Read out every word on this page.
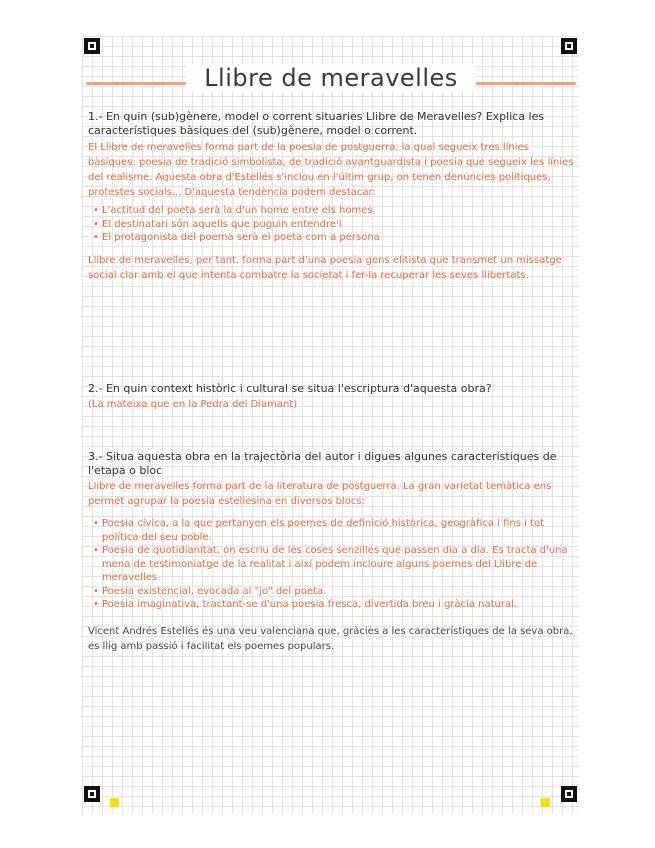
Llibre de meravelles

1.- En quin (sub)gènere, model o corrent situaries Llibre de Meravelles? Explica les característiques bàsiques del (sub)gènere, model o corrent.

El Llibre de meravelles forma part de la poesia de postguerra, la qual segueix tres línies bàsiques: poesia de tradició simbolista, de tradició avantguardista i poesia que segueix les línies del realisme. Aquesta obra d'Estellés s'inclou en l'últim grup, on tenen denúncies polítiques, protestes socials... D'aquesta tendència podem destacar:

• L'actitud del poeta serà la d'un home entre els homes
• El destinatari són aquells que puguin entendre'l
• El protagonista del poema serà el poeta com a persona

Llibre de meravelles, per tant, forma part d'una poesia gens elitista que transmet un missatge social clar amb el que intenta combatre la societat i fer-la recuperar les seves llibertats.

2.- En quin context històric i cultural se situa l'escriptura d'aquesta obra?

(La mateixa que en la Pedra del Diamant)

3.- Situa aquesta obra en la trajectòria del autor i digues algunes característiques de l'etapa o bloc

Llibre de meravelles forma part de la literatura de postguerra. La gran varietat temàtica ens permet agrupar la poesia estellesina en diversos blocs:

• Poesia cívica, a la que pertanyen els poemes de definició històrica, geogràfica i fins i tot política del seu poble.
• Poesia de quotidianitat, on escriu de les coses senzilles que passen dia a dia. Es tracta d'una mena de testimoniatge de la realitat i així podem incloure alguns poemes del Llibre de meravelles
• Poesia existencial, evocada al "jo" del poeta.
• Poesia imaginativa, tractant-se d'una poesia fresca, divertida breu i gràcia natural.

Vicent Andrés Estellés és una veu valenciana que, gràcies a les característiques de la seva obra, es llig amb passió i facilitat els poemes populars.
